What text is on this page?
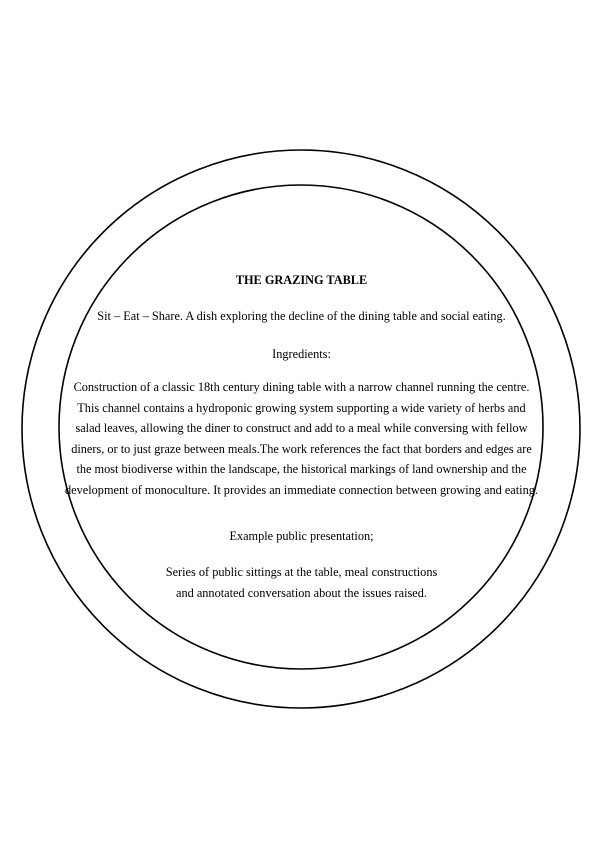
THE GRAZING TABLE
Sit – Eat – Share. A dish exploring the decline of the dining table and social eating.
Ingredients:
Construction of a classic 18th century dining table with a narrow channel running the centre.
This channel contains a hydroponic growing system supporting a wide variety of herbs and
salad leaves, allowing the diner to construct and add to a meal while conversing with fellow
diners, or to just graze between meals.The work references the fact that borders and edges are
the most biodiverse within the landscape, the historical markings of land ownership and the
development of monoculture. It provides an immediate connection between growing and eating.
Example public presentation;
Series of public sittings at the table, meal constructions
and annotated conversation about the issues raised.
